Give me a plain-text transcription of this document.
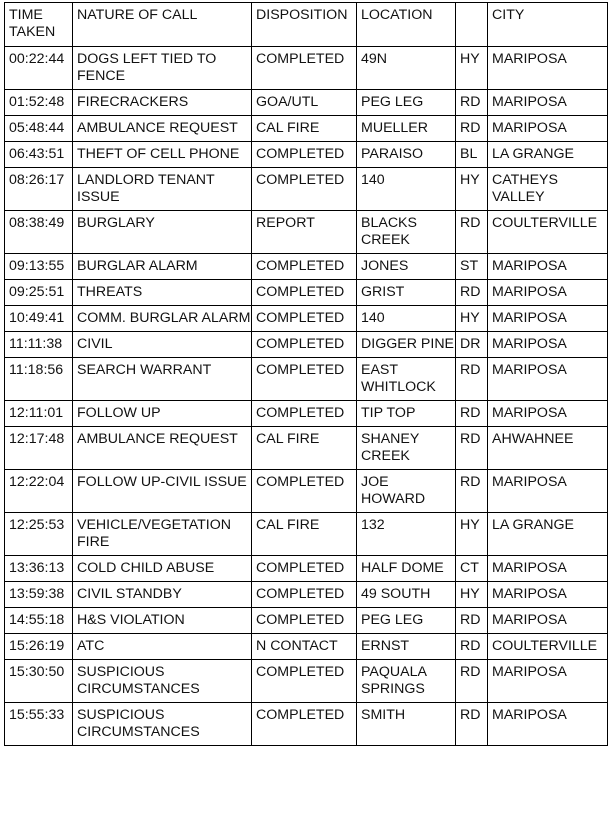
TIME TAKEN	NATURE OF CALL	DISPOSITION	LOCATION		CITY
00:22:44	DOGS LEFT TIED TO FENCE	COMPLETED	49N	HY	MARIPOSA
01:52:48	FIRECRACKERS	GOA/UTL	PEG LEG	RD	MARIPOSA
05:48:44	AMBULANCE REQUEST	CAL FIRE	MUELLER	RD	MARIPOSA
06:43:51	THEFT OF CELL PHONE	COMPLETED	PARAISO	BL	LA GRANGE
08:26:17	LANDLORD TENANT ISSUE	COMPLETED	140	HY	CATHEYS VALLEY
08:38:49	BURGLARY	REPORT	BLACKS CREEK	RD	COULTERVILLE
09:13:55	BURGLAR ALARM	COMPLETED	JONES	ST	MARIPOSA
09:25:51	THREATS	COMPLETED	GRIST	RD	MARIPOSA
10:49:41	COMM. BURGLAR ALARM	COMPLETED	140	HY	MARIPOSA
11:11:38	CIVIL	COMPLETED	DIGGER PINE	DR	MARIPOSA
11:18:56	SEARCH WARRANT	COMPLETED	EAST WHITLOCK	RD	MARIPOSA
12:11:01	FOLLOW UP	COMPLETED	TIP TOP	RD	MARIPOSA
12:17:48	AMBULANCE REQUEST	CAL FIRE	SHANEY CREEK	RD	AHWAHNEE
12:22:04	FOLLOW UP-CIVIL ISSUE	COMPLETED	JOE HOWARD	RD	MARIPOSA
12:25:53	VEHICLE/VEGETATION FIRE	CAL FIRE	132	HY	LA GRANGE
13:36:13	COLD CHILD ABUSE	COMPLETED	HALF DOME	CT	MARIPOSA
13:59:38	CIVIL STANDBY	COMPLETED	49 SOUTH	HY	MARIPOSA
14:55:18	H&S VIOLATION	COMPLETED	PEG LEG	RD	MARIPOSA
15:26:19	ATC	N CONTACT	ERNST	RD	COULTERVILLE
15:30:50	SUSPICIOUS CIRCUMSTANCES	COMPLETED	PAQUALA SPRINGS	RD	MARIPOSA
15:55:33	SUSPICIOUS CIRCUMSTANCES	COMPLETED	SMITH	RD	MARIPOSA
